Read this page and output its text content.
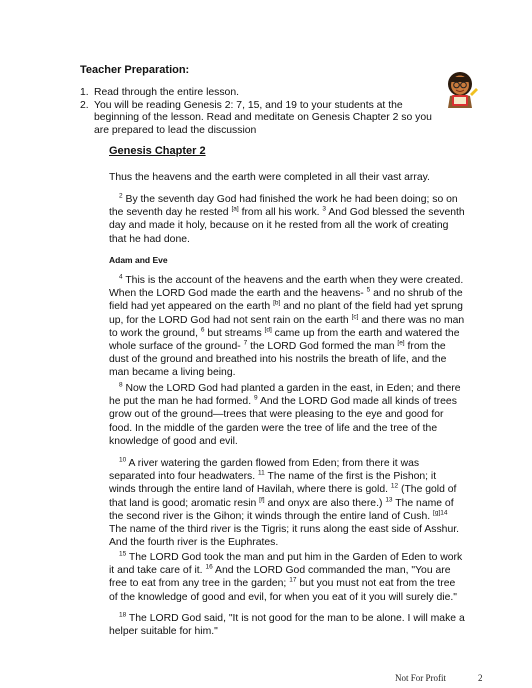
Teacher Preparation:
1. Read through the entire lesson.
2. You will be reading Genesis 2: 7, 15, and 19 to your students at the beginning of the lesson. Read and meditate on Genesis Chapter 2 so you are prepared to lead the discussion
Genesis Chapter 2

Thus the heavens and the earth were completed in all their vast array.

$^2$ By the seventh day God had finished the work he had been doing; so on the seventh day he rested [a] from all his work. $^3$ And God blessed the seventh day and made it holy, because on it he rested from all the work of creating that he had done.

Adam and Eve

$^4$ This is the account of the heavens and the earth when they were created. When the LORD God made the earth and the heavens- $^5$ and no shrub of the field had yet appeared on the earth [b] and no plant of the field had yet sprung up, for the LORD God had not sent rain on the earth [c] and there was no man to work the ground, $^6$ but streams [d] came up from the earth and watered the whole surface of the ground- $^7$ the LORD God formed the man [e] from the dust of the ground and breathed into his nostrils the breath of life, and the man became a living being.

$^8$ Now the LORD God had planted a garden in the east, in Eden; and there he put the man he had formed. $^9$ And the LORD God made all kinds of trees grow out of the ground—trees that were pleasing to the eye and good for food. In the middle of the garden were the tree of life and the tree of the knowledge of good and evil.

$^{10}$ A river watering the garden flowed from Eden; from there it was separated into four headwaters. $^{11}$ The name of the first is the Pishon; it winds through the entire land of Havilah, where there is gold. $^{12}$ (The gold of that land is good; aromatic resin [f] and onyx are also there.) $^{13}$ The name of the second river is the Gihon; it winds through the entire land of Cush. $^{[g]14}$ The name of the third river is the Tigris; it runs along the east side of Asshur. And the fourth river is the Euphrates.

$^{15}$ The LORD God took the man and put him in the Garden of Eden to work it and take care of it. $^{16}$ And the LORD God commanded the man, "You are free to eat from any tree in the garden; $^{17}$ but you must not eat from the tree of the knowledge of good and evil, for when you eat of it you will surely die."

$^{18}$ The LORD God said, "It is not good for the man to be alone. I will make a helper suitable for him."

Not For Profit	2
